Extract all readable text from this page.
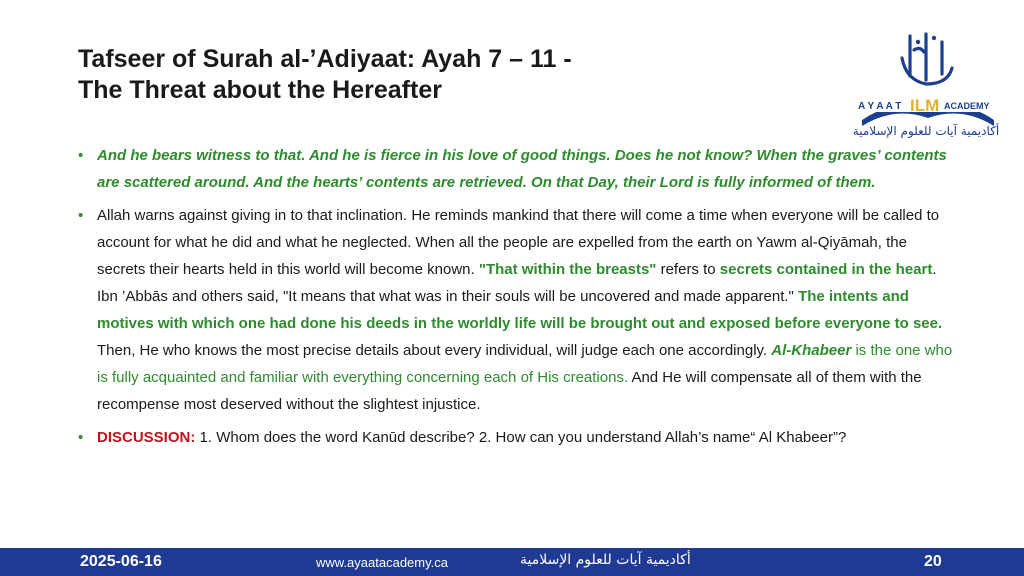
Tafseer of Surah al-’Adiyaat: Ayah 7 – 11 -
The Threat about the Hereafter
A Y A A T ILM ACADEMY
أكاديمية آيات للعلوم الإسلامية
• And he bears witness to that. And he is fierce in his love of good things. Does he not know? When the graves’ contents are scattered around. And the hearts’ contents are retrieved. On that Day, their Lord is fully informed of them.
• Allah warns against giving in to that inclination. He reminds mankind that there will come a time when everyone will be called to account for what he did and what he neglected. When all the people are expelled from the earth on Yawm al-Qiyāmah, the secrets their hearts held in this world will become known. "That within the breasts" refers to secrets contained in the heart. Ibn ’Abbās and others said, "It means that what was in their souls will be uncovered and made apparent." The intents and motives with which one had done his deeds in the worldly life will be brought out and exposed before everyone to see. Then, He who knows the most precise details about every individual, will judge each one accordingly. Al-Khabeer is the one who is fully acquainted and familiar with everything concerning each of His creations. And He will compensate all of them with the recompense most deserved without the slightest injustice.
• DISCUSSION: 1. Whom does the word Kanūd describe? 2. How can you understand Allah’s name“ Al Khabeer”?
2025-06-16	www.ayaatacademy.ca	أكاديمية آيات للعلوم الإسلامية	20
